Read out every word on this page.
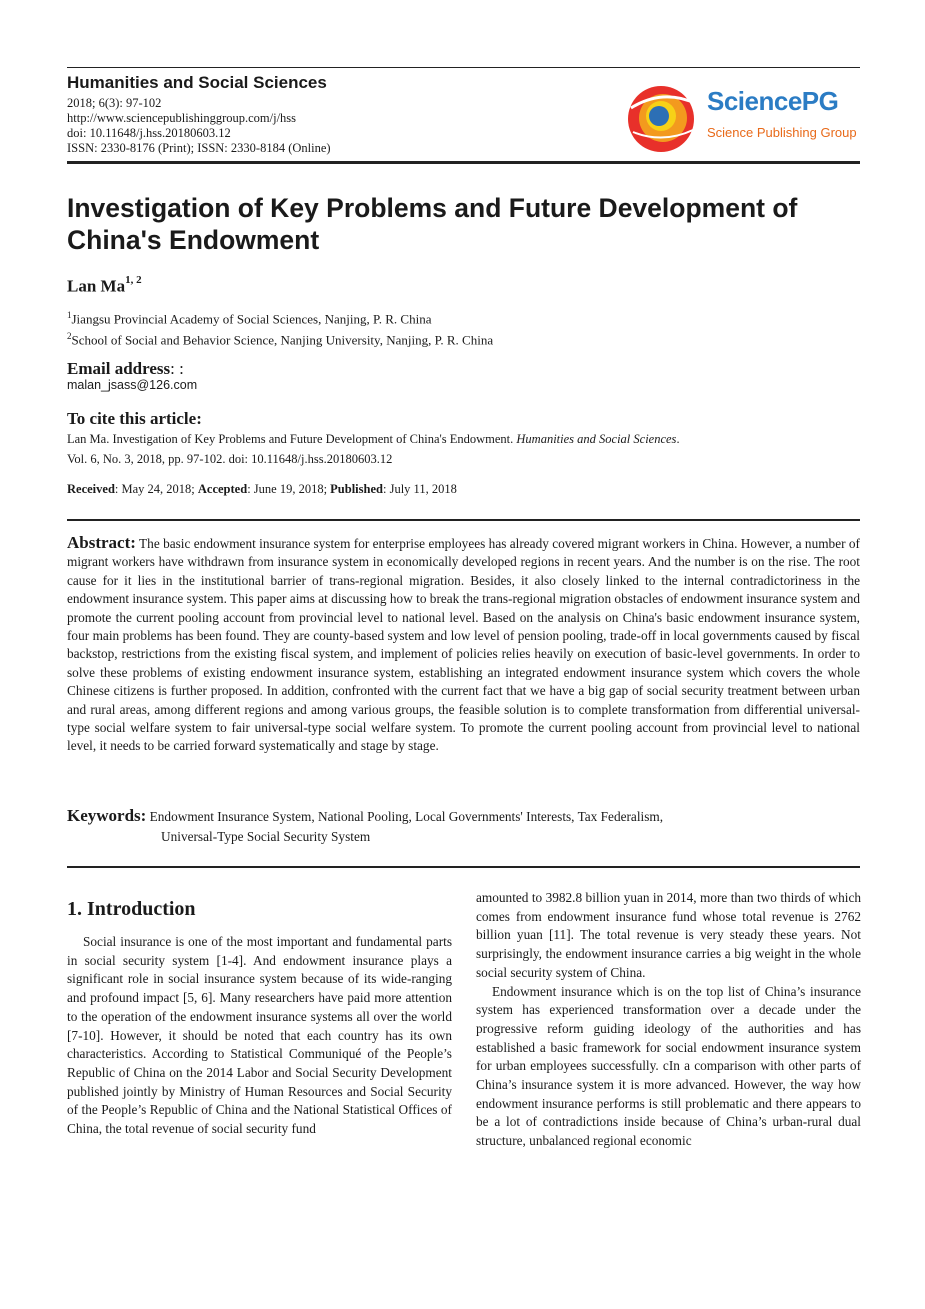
Humanities and Social Sciences
2018; 6(3): 97-102
http://www.sciencepublishinggroup.com/j/hss
doi: 10.11648/j.hss.20180603.12
ISSN: 2330-8176 (Print); ISSN: 2330-8184 (Online)
SciencePG
Science Publishing Group
Investigation of Key Problems and Future Development of China's Endowment
Lan Ma$^{1, 2}$
$^1$Jiangsu Provincial Academy of Social Sciences, Nanjing, P. R. China
$^2$School of Social and Behavior Science, Nanjing University, Nanjing, P. R. China
Email address: :
malan_jsass@126.com
To cite this article:
Lan Ma. Investigation of Key Problems and Future Development of China's Endowment. Humanities and Social Sciences.
Vol. 6, No. 3, 2018, pp. 97-102. doi: 10.11648/j.hss.20180603.12
Received: May 24, 2018; Accepted: June 19, 2018; Published: July 11, 2018
Abstract: The basic endowment insurance system for enterprise employees has already covered migrant workers in China. However, a number of migrant workers have withdrawn from insurance system in economically developed regions in recent years. And the number is on the rise. The root cause for it lies in the institutional barrier of trans-regional migration. Besides, it also closely linked to the internal contradictoriness in the endowment insurance system. This paper aims at discussing how to break the trans-regional migration obstacles of endowment insurance system and promote the current pooling account from provincial level to national level. Based on the analysis on China's basic endowment insurance system, four main problems has been found. They are county-based system and low level of pension pooling, trade-off in local governments caused by fiscal backstop, restrictions from the existing fiscal system, and implement of policies relies heavily on execution of basic-level governments. In order to solve these problems of existing endowment insurance system, establishing an integrated endowment insurance system which covers the whole Chinese citizens is further proposed. In addition, confronted with the current fact that we have a big gap of social security treatment between urban and rural areas, among different regions and among various groups, the feasible solution is to complete transformation from differential universal-type social welfare system to fair universal-type social welfare system. To promote the current pooling account from provincial level to national level, it needs to be carried forward systematically and stage by stage.
Keywords: Endowment Insurance System, National Pooling, Local Governments' Interests, Tax Federalism,
Universal-Type Social Security System
1. Introduction

Social insurance is one of the most important and fundamental parts in social security system [1-4]. And endowment insurance plays a significant role in social insurance system because of its wide-ranging and profound impact [5, 6]. Many researchers have paid more attention to the operation of the endowment insurance systems all over the world [7-10]. However, it should be noted that each country has its own characteristics. According to Statistical Communiqué of the People’s Republic of China on the 2014 Labor and Social Security Development published jointly by Ministry of Human Resources and Social Security of the People’s Republic of China and the National Statistical Offices of China, the total revenue of social security fund

amounted to 3982.8 billion yuan in 2014, more than two thirds of which comes from endowment insurance fund whose total revenue is 2762 billion yuan [11]. The total revenue is very steady these years. Not surprisingly, the endowment insurance carries a big weight in the whole social security system of China.

Endowment insurance which is on the top list of China’s insurance system has experienced transformation over a decade under the progressive reform guiding ideology of the authorities and has established a basic framework for social endowment insurance system for urban employees successfully. cIn a comparison with other parts of China’s insurance system it is more advanced. However, the way how endowment insurance performs is still problematic and there appears to be a lot of contradictions inside because of China’s urban-rural dual structure, unbalanced regional economic
